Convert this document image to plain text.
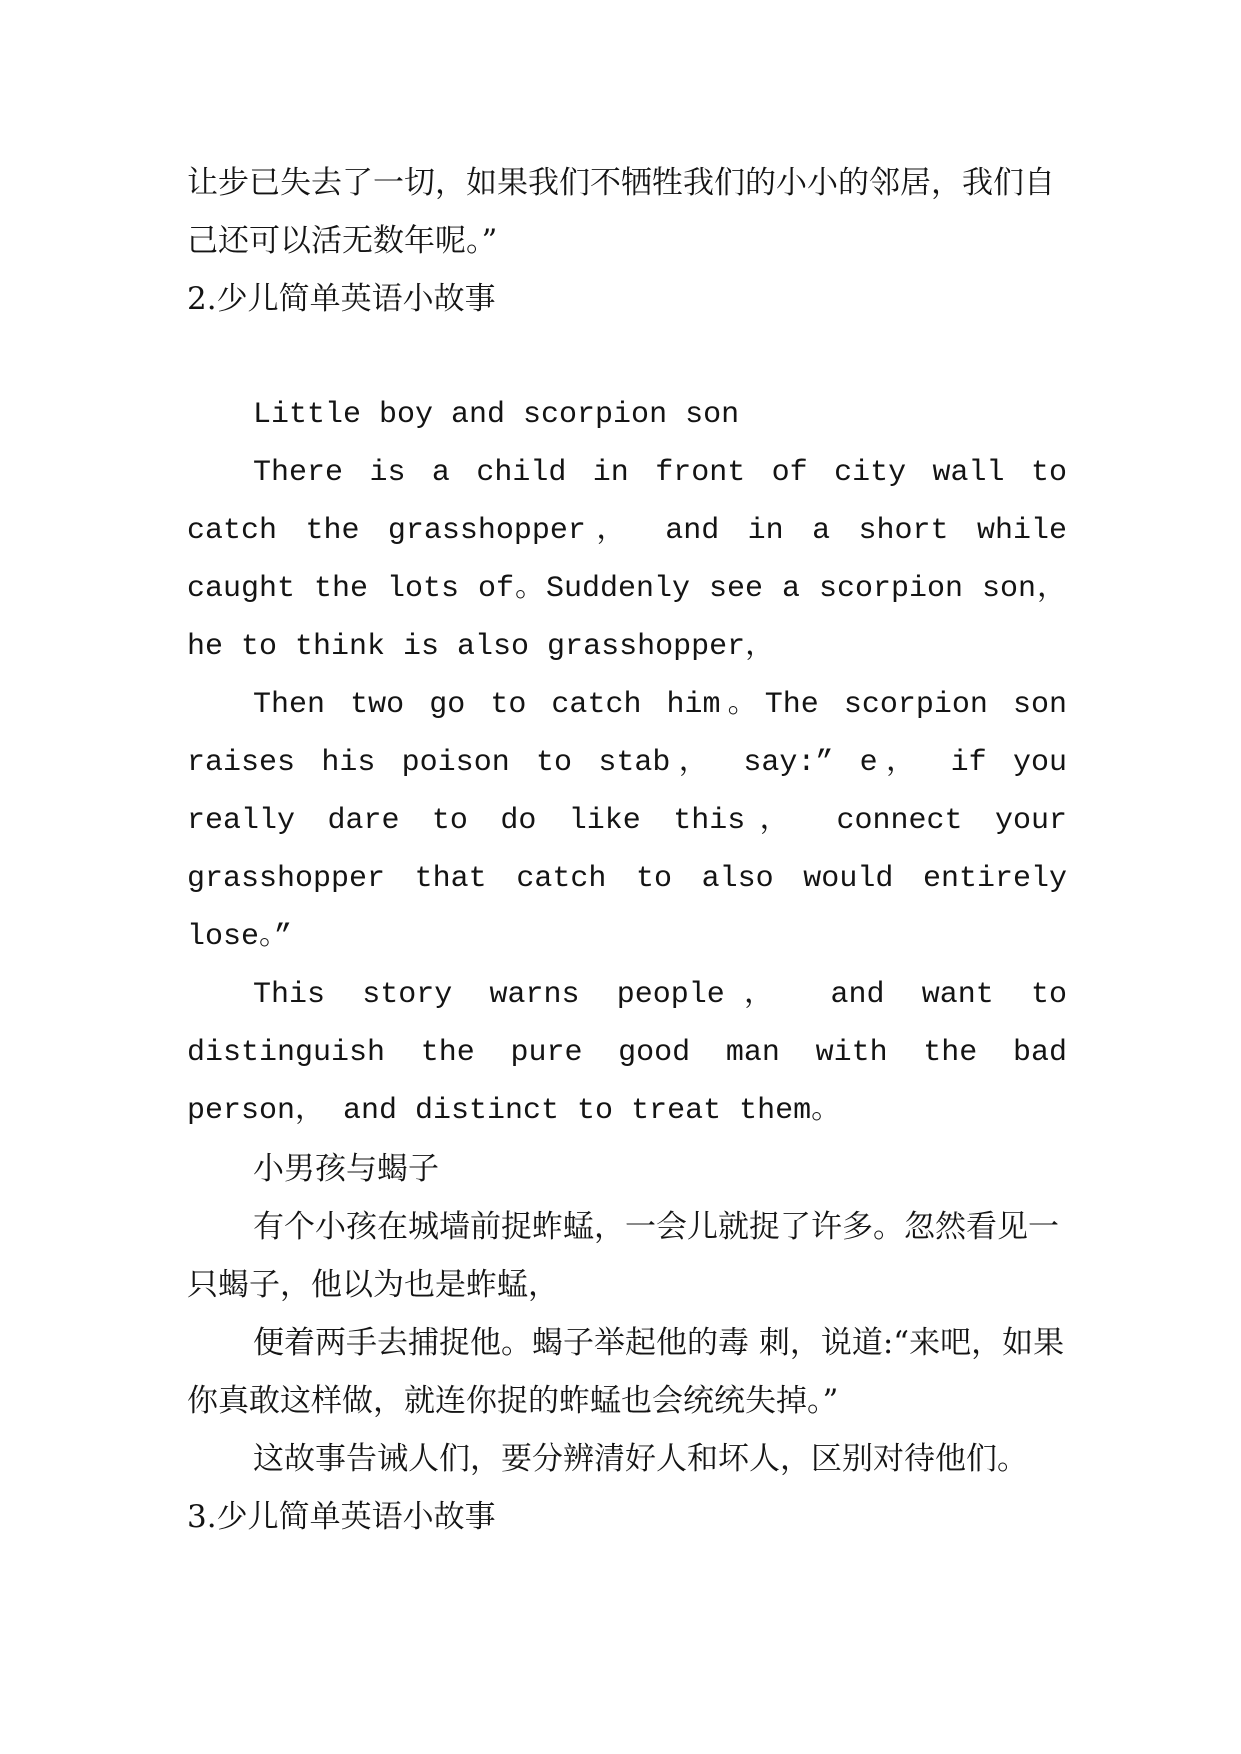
让步已失去了一切，如果我们不牺牲我们的小小的邻居，我们自己还可以活无数年呢。”

2.少儿简单英语小故事

Little boy and scorpion son

There is a child in front of city wall to catch the grasshopper， and in a short while caught the lots of。Suddenly see a scorpion son， he to think is also grasshopper，

Then two go to catch him。The scorpion son raises his poison to stab， say:” e， if you really dare to do like this， connect your grasshopper that catch to also would entirely lose。”

This story warns people， and want to distinguish the pure good man with the bad person， and distinct to treat them。

小男孩与蝎子

有个小孩在城墙前捉蚱蜢，一会儿就捉了许多。忽然看见一只蝎子，他以为也是蚱蜢，

便着两手去捕捉他。蝎子举起他的毒 刺，说道:“来吧，如果你真敢这样做，就连你捉的蚱蜢也会统统失掉。”

这故事告诫人们，要分辨清好人和坏人，区别对待他们。

3.少儿简单英语小故事
